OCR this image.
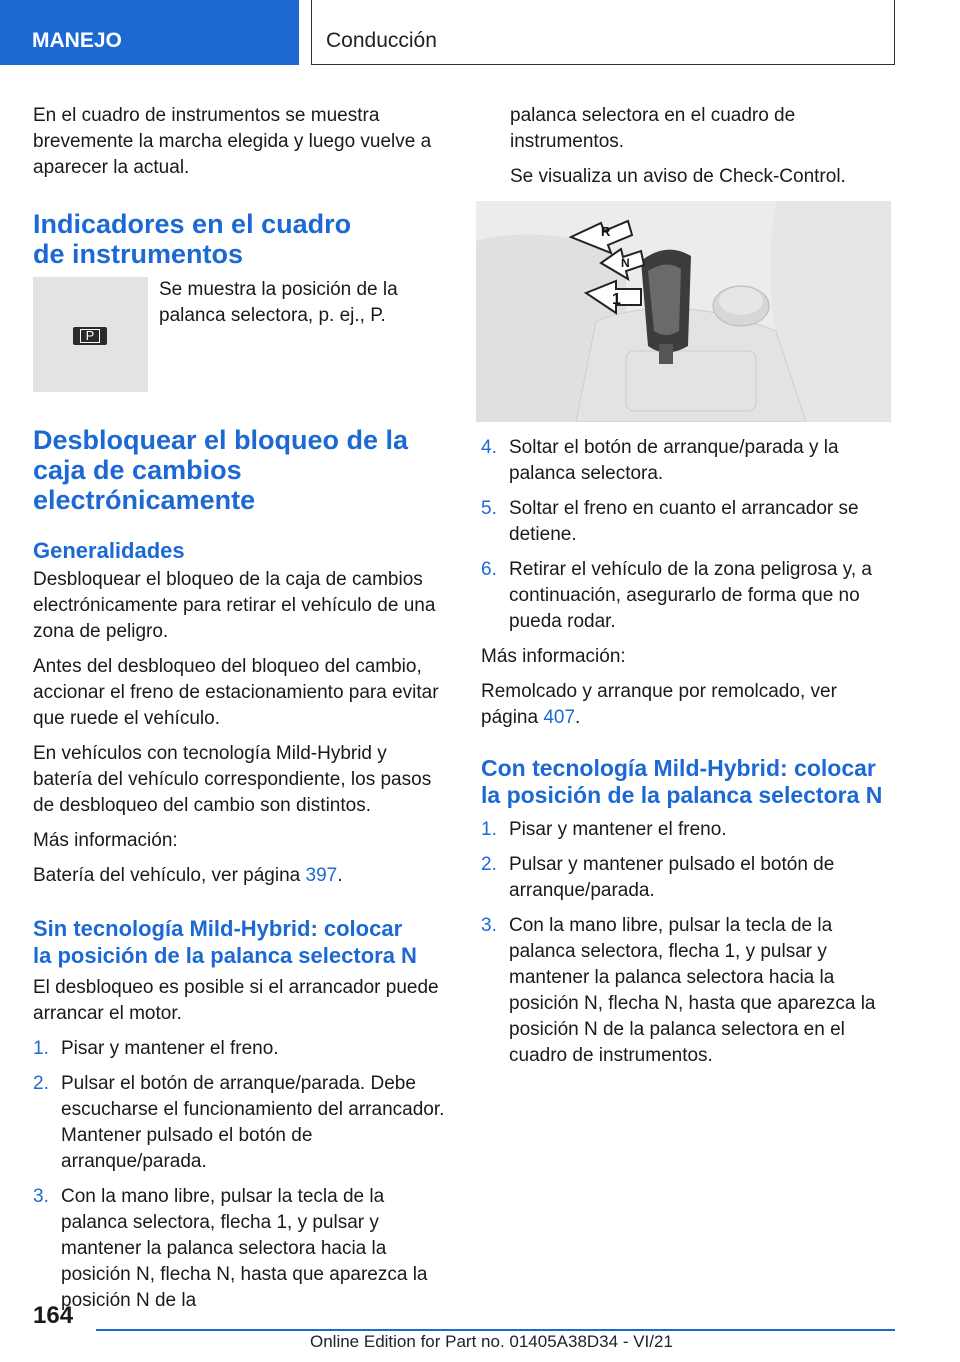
MANEJO	Conducción

En el cuadro de instrumentos se muestra brevemente la marcha elegida y luego vuelve a aparecer la actual.

Indicadores en el cuadro
de instrumentos
P

Se muestra la posición de la palanca selectora, p. ej., P.

Desbloquear el bloqueo de la
caja de cambios
electrónicamente
Generalidades

Desbloquear el bloqueo de la caja de cambios electrónicamente para retirar el vehículo de una zona de peligro.

Antes del desbloqueo del bloqueo del cambio, accionar el freno de estacionamiento para evitar que ruede el vehículo.

En vehículos con tecnología Mild-Hybrid y batería del vehículo correspondiente, los pasos de desbloqueo del cambio son distintos.

Más información:

Batería del vehículo, ver página 397.

Sin tecnología Mild-Hybrid: colocar
la posición de la palanca selectora N

El desbloqueo es posible si el arrancador puede arrancar el motor.

1. Pisar y mantener el freno.
2. Pulsar el botón de arranque/parada. Debe escucharse el funcionamiento del arrancador. Mantener pulsado el botón de arranque/parada.
3. Con la mano libre, pulsar la tecla de la palanca selectora, flecha 1, y pulsar y mantener la palanca selectora hacia la posición N, flecha N, hasta que aparezca la posición N de la

palanca selectora en el cuadro de instrumentos.

Se visualiza un aviso de Check-Control.

R
N
1
4. Soltar el botón de arranque/parada y la palanca selectora.
5. Soltar el freno en cuanto el arrancador se detiene.
6. Retirar el vehículo de la zona peligrosa y, a continuación, asegurarlo de forma que no pueda rodar.

Más información:

Remolcado y arranque por remolcado, ver página 407.

Con tecnología Mild-Hybrid: colocar
la posición de la palanca selectora N
1. Pisar y mantener el freno.
2. Pulsar y mantener pulsado el botón de arranque/parada.
3. Con la mano libre, pulsar la tecla de la palanca selectora, flecha 1, y pulsar y mantener la palanca selectora hacia la posición N, flecha N, hasta que aparezca la posición N de la palanca selectora en el cuadro de instrumentos.
164
Online Edition for Part no. 01405A38D34 - VI/21
